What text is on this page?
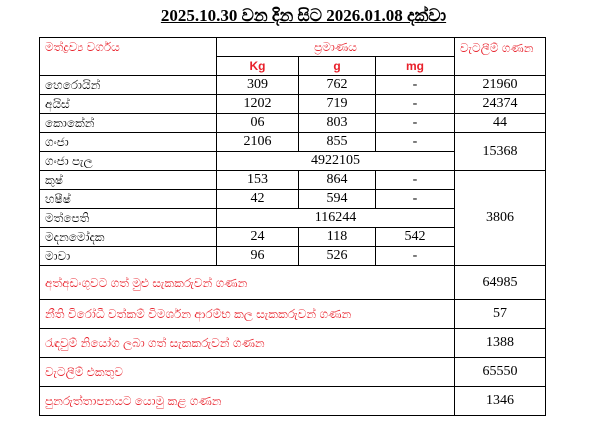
2025.10.30 වන දින සිට 2026.01.08 දක්වා
මත්ද්‍රව්‍ය වර්ගය	ප්‍රමාණය			වැටලීම් ගණන
	Kg	g	mg	
හෙරොයින්	309	762	-	21960
අයිස්	1202	719	-	24374
කොකේන්	06	803	-	44
ගංජා	2106	855	-	15368
ගංජා පැල	4922105			
කුෂ්	153	864	-	3806
හෂීෂ්	42	594	-	
මත්පෙති	116244			
මදනමෝදක	24	118	542	
මාවා	96	526	-	
අත්අඩංගුවට ගත් මුළු සැකකරුවන් ගණන				64985
නීති විරෝධී වත්කම් විමර්ශන ආරම්භ කල සැකකරුවන් ගණන				57
රැඳවුම් නියෝග ලබා ගත් සැකකරුවන් ගණන				1388
වැටලීම් එකතුව				65550
පුනරුත්තාපනයට යොමු කළ ගණන				1346
